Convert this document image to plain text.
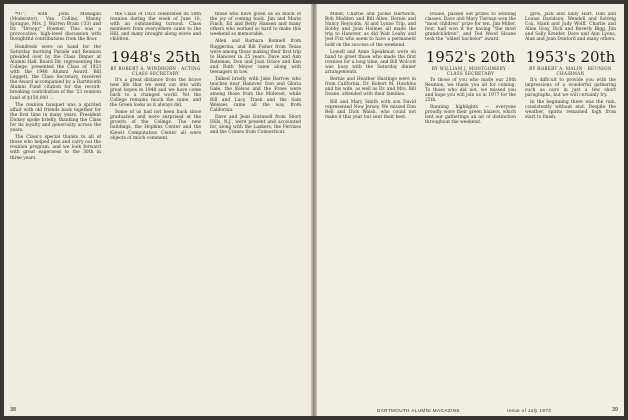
*97", with John Monagan (Moderator), Van Collins, Manny Sprague, Mrs. J. Warren Brain ('33) and Dr. "Droopy" Roemer. This was a provocative, high-level discussion with thoughtful contributions from the floor.

Hundreds were on hand for the Saturday morning Parade and Reunion presided over by the Class Dinner at Alumni Hall. Board Dir. representing the College, presented the Class of 1923 with the 1948 Alumni Award. Bill Leggett, the Class Secretary, received the Award accompanied by a Dartmouth Alumni Fund citation for the record-breaking contribution of the '23 reunion fund of $150,000 ...

The reunion banquet was a spirited affair with old friends back together for the first time in many years. President Dickey spoke briefly, thanking the Class for its loyalty and generosity across the years.

The Class's special thanks to all of those who helped plan and carry out the reunion program, and we look forward with great eagerness to the 30th in three years.

the Class of 1923 celebrated its 50th reunion during the week of June 10, with an outstanding turnout. Class members from everywhere came to the Hill, and many brought along wives and children.

1948's 25th
BY ROBERT A. WINDHORN · ACTING CLASS SECRETARY

It's a great distance from the brave new life that we went out into with great hopes in 1948 and we have come back to a changed world. Yet the College remains much the same, and the Green looks as it always did.

Some of us had not been back since graduation and were surprised at the growth of the College. The new buildings, the Hopkins Center and the Kiewit Computation Center all were objects of much comment.

those who have given us so much of the joy of coming back. Jim and Marie Finch, Ed and Betty Hansen and many others who worked so hard to make this weekend so memorable.

Allen and Barbara Bonnell from Ruggerina, and Bill Fisher from Texas were among those making their first trip to Hanover in 25 years. Dave and Ann Bateman, Don and Joan Grace and Ken and Ruth Meyer came along with teenagers in tow.

Talked briefly with Jake Barrow who teaches near Hanover. Don and Gloria Gale, the Kelsos and the Frees were among those from the Midwest, while Bill and Lucy Trask and the Sam Weisses came all the way from California.

Dave and Jean Gwinnell from Short Hills, N.J., were present and accounted for, along with the Laskers, the Ferrises and the Cranes from Connecticut.

38

Miller, Charlie and Jackie Hartwich, Bob Madden and Bill Allen, Bernie and Nancy Reynolds, Al and Lynne Trip, and Bobby and Jean Holmes all made the trip to Hanover, as did Walt Leahy and Joel Fitz who seem to have a permanent hold on the success of the weekend.

Lowell and Anne Speakman were on hand to greet those who made the first reunion for a long time, and Bill Wolcott was busy with the Saturday dinner arrangements.

Bernie and Heather Hastings were in from California. Dr. Robert M. Hawkins and his wife, as well as Dr. and Mrs. Bill Doane, attended with their families.

Bill and Mary Smith with son David represented New Jersey. We missed Don Bell and Dick Walsh, who could not make it this year but sent their best.

Doane, passed out prizes to winning classes. Dave and Mary Tiernan won the "most children" prize for ten. Jim Miller, four, had won it for having "the most grandchildren", and Ted Wood Sloane took the "oldest bachelor" award.

1952's 20th
BY WILLIAM J. MONTGOMERY · CLASS SECRETARY

To those of you who made our 20th Reunion, we thank you all for coming. To those who did not, we missed you and hope you will join us in 1977 for the 25th.

Running highlights — everyone proudly wore their green blazers, which lent our gatherings an air of distinction throughout the weekend.

girls, Jack and Sally Hart, Dan and Louise Davidson, Wendell and Solveig Cox, Hank and Judy Wolff, Charlie and Aline Gray, Dick and Beverly Bigg, Jim and Sally Kreider, Dave and Ann Lyons, Alan and Joan Dunford and many others.

1953's 20th
BY ROBERT A. MALIN · REUNION CHAIRMAN

It's difficult to provide you with the impressions of a wonderful gathering such as ours in just a few short paragraphs, but we will certainly try.

In the beginning there was the rain, consistently without end. Despite the weather, spirits remained high from start to finish.

DARTMOUTH ALUMNI MAGAZINE	Issue of July 1973	39
